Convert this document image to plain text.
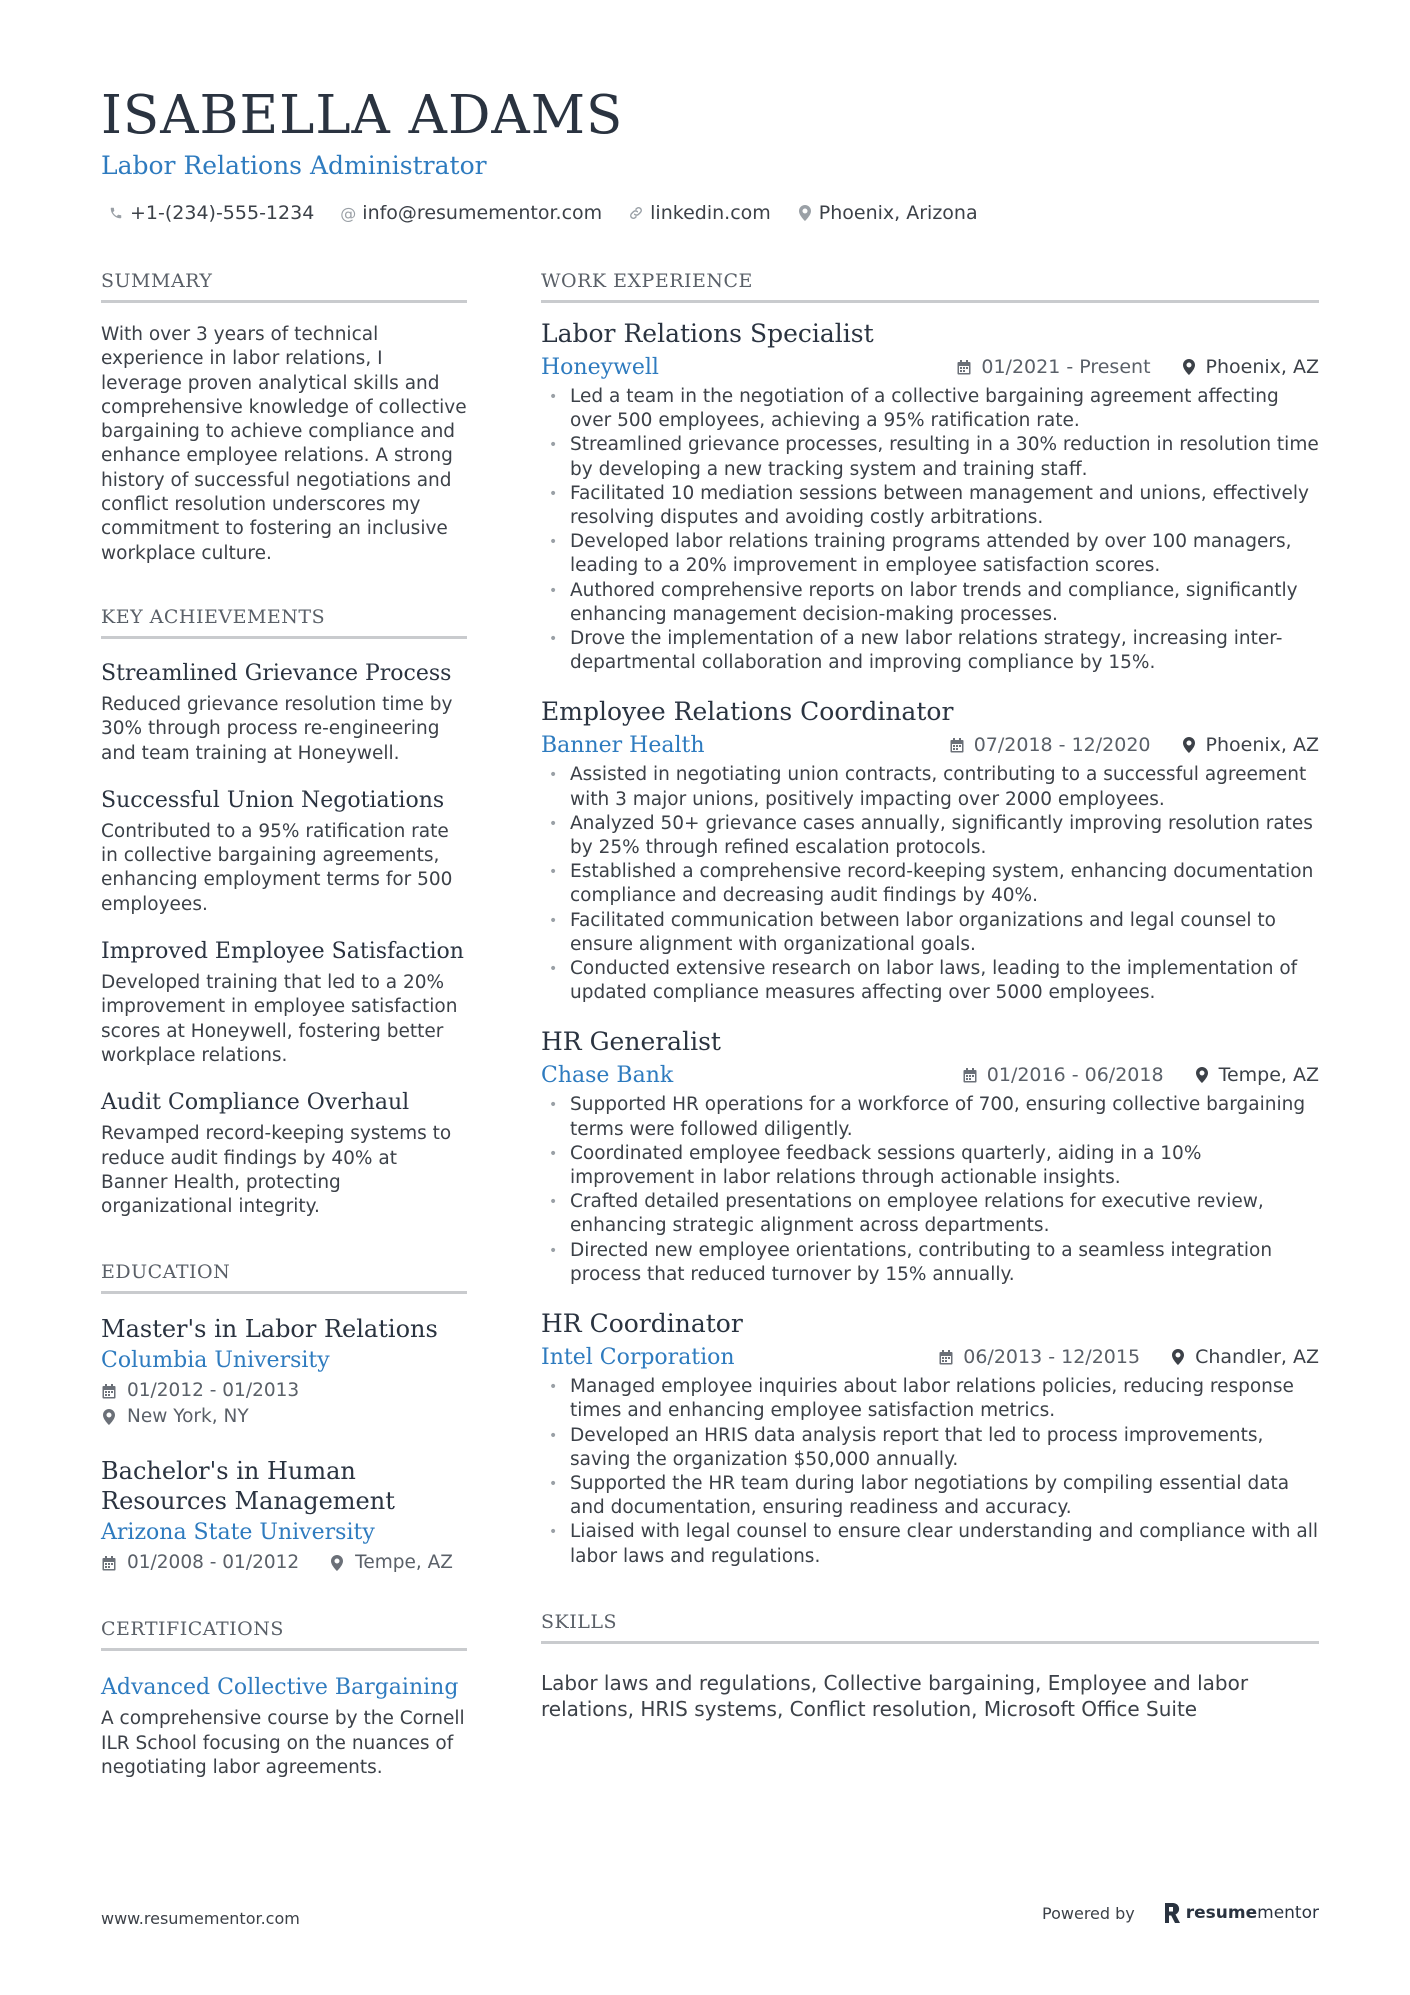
ISABELLA ADAMS
Labor Relations Administrator
+1-(234)-555-1234 @ info@resumementor.com	linkedin.com	Phoenix, Arizona
SUMMARY

With over 3 years of technical experience in labor relations, I leverage proven analytical skills and comprehensive knowledge of collective bargaining to achieve compliance and enhance employee relations. A strong history of successful negotiations and conflict resolution underscores my commitment to fostering an inclusive workplace culture.

KEY ACHIEVEMENTS
Streamlined Grievance Process

Reduced grievance resolution time by 30% through process re-engineering and team training at Honeywell.

Successful Union Negotiations

Contributed to a 95% ratification rate in collective bargaining agreements, enhancing employment terms for 500 employees.

Improved Employee Satisfaction

Developed training that led to a 20% improvement in employee satisfaction scores at Honeywell, fostering better workplace relations.

Audit Compliance Overhaul

Revamped record-keeping systems to reduce audit findings by 40% at Banner Health, protecting organizational integrity.

EDUCATION
Master's in Labor Relations
Columbia University
01/2012 - 01/2013
New York, NY
Bachelor's in Human Resources Management
Arizona State University
01/2008 - 01/2012	Tempe, AZ
CERTIFICATIONS
Advanced Collective Bargaining

A comprehensive course by the Cornell ILR School focusing on the nuances of negotiating labor agreements.

WORK EXPERIENCE
Labor Relations Specialist
Honeywell	01/2021 - Present	Phoenix, AZ
• Led a team in the negotiation of a collective bargaining agreement affecting over 500 employees, achieving a 95% ratification rate.
• Streamlined grievance processes, resulting in a 30% reduction in resolution time by developing a new tracking system and training staff.
• Facilitated 10 mediation sessions between management and unions, effectively resolving disputes and avoiding costly arbitrations.
• Developed labor relations training programs attended by over 100 managers, leading to a 20% improvement in employee satisfaction scores.
• Authored comprehensive reports on labor trends and compliance, significantly enhancing management decision-making processes.
• Drove the implementation of a new labor relations strategy, increasing inter-departmental collaboration and improving compliance by 15%.
Employee Relations Coordinator
Banner Health	07/2018 - 12/2020	Phoenix, AZ
• Assisted in negotiating union contracts, contributing to a successful agreement with 3 major unions, positively impacting over 2000 employees.
• Analyzed 50+ grievance cases annually, significantly improving resolution rates by 25% through refined escalation protocols.
• Established a comprehensive record-keeping system, enhancing documentation compliance and decreasing audit findings by 40%.
• Facilitated communication between labor organizations and legal counsel to ensure alignment with organizational goals.
• Conducted extensive research on labor laws, leading to the implementation of updated compliance measures affecting over 5000 employees.
HR Generalist
Chase Bank	01/2016 - 06/2018	Tempe, AZ
• Supported HR operations for a workforce of 700, ensuring collective bargaining terms were followed diligently.
• Coordinated employee feedback sessions quarterly, aiding in a 10% improvement in labor relations through actionable insights.
• Crafted detailed presentations on employee relations for executive review, enhancing strategic alignment across departments.
• Directed new employee orientations, contributing to a seamless integration process that reduced turnover by 15% annually.
HR Coordinator
Intel Corporation	06/2013 - 12/2015	Chandler, AZ
• Managed employee inquiries about labor relations policies, reducing response times and enhancing employee satisfaction metrics.
• Developed an HRIS data analysis report that led to process improvements, saving the organization $50,000 annually.
• Supported the HR team during labor negotiations by compiling essential data and documentation, ensuring readiness and accuracy.
• Liaised with legal counsel to ensure clear understanding and compliance with all labor laws and regulations.
SKILLS

Labor laws and regulations, Collective bargaining, Employee and labor relations, HRIS systems, Conflict resolution, Microsoft Office Suite

www.resumementor.com	Powered by	resume mentor
